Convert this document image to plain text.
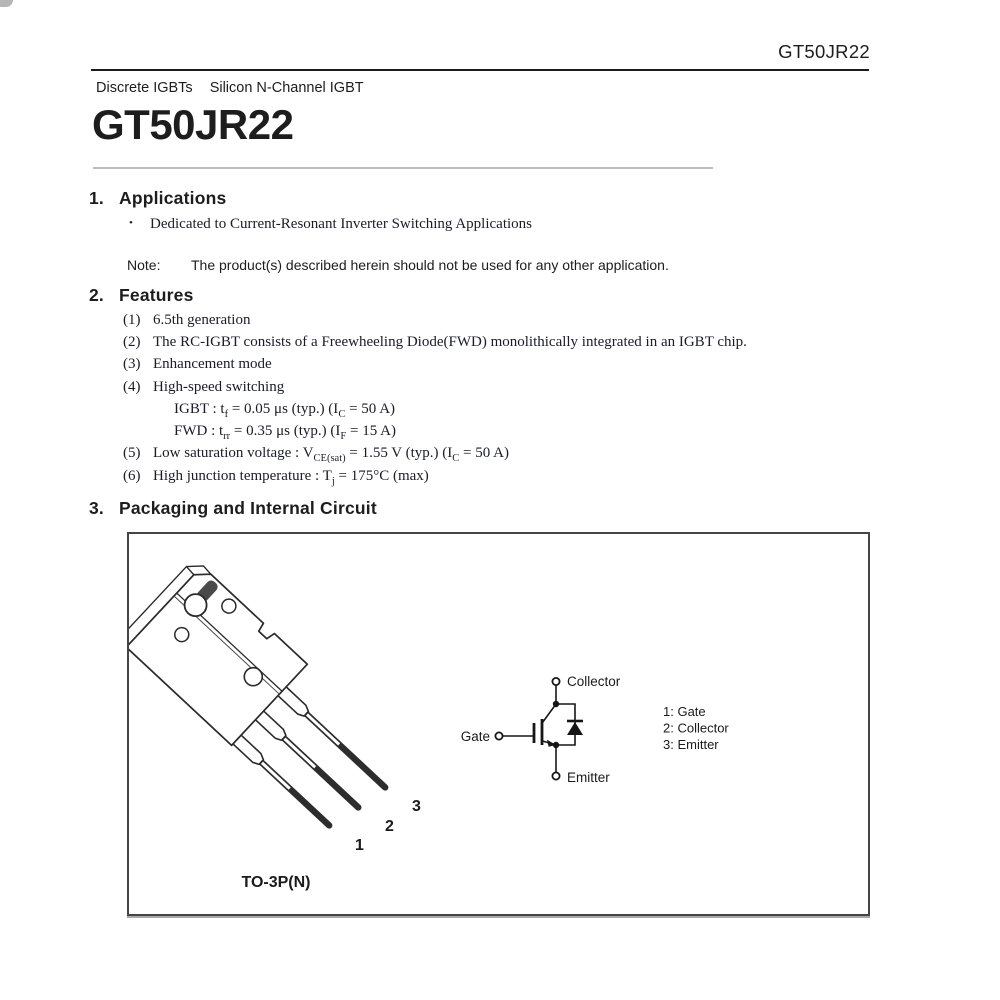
GT50JR22
Discrete IGBTs Silicon N-Channel IGBT
GT50JR22
1. Applications
• Dedicated to Current-Resonant Inverter Switching Applications
Note: The product(s) described herein should not be used for any other application.
2. Features
(1) 6.5th generation
(2) The RC-IGBT consists of a Freewheeling Diode(FWD) monolithically integrated in an IGBT chip.
(3) Enhancement mode
(4) High-speed switching
IGBT : $t_f = 0.05$ μs (typ.) ($I_C = 50$ A)
FWD : $t_{rr} = 0.35$ μs (typ.) ($I_F = 15$ A)
(5) Low saturation voltage : $V_{CE(sat)} = 1.55$ V (typ.) ($I_C = 50$ A)
(6) High junction temperature : $T_j = 175^\circ C$ (max)
3. Packaging and Internal Circuit
1
2
3
TO-3P(N)
Collector
Emitter
Gate
1: Gate
2: Collector
3: Emitter
